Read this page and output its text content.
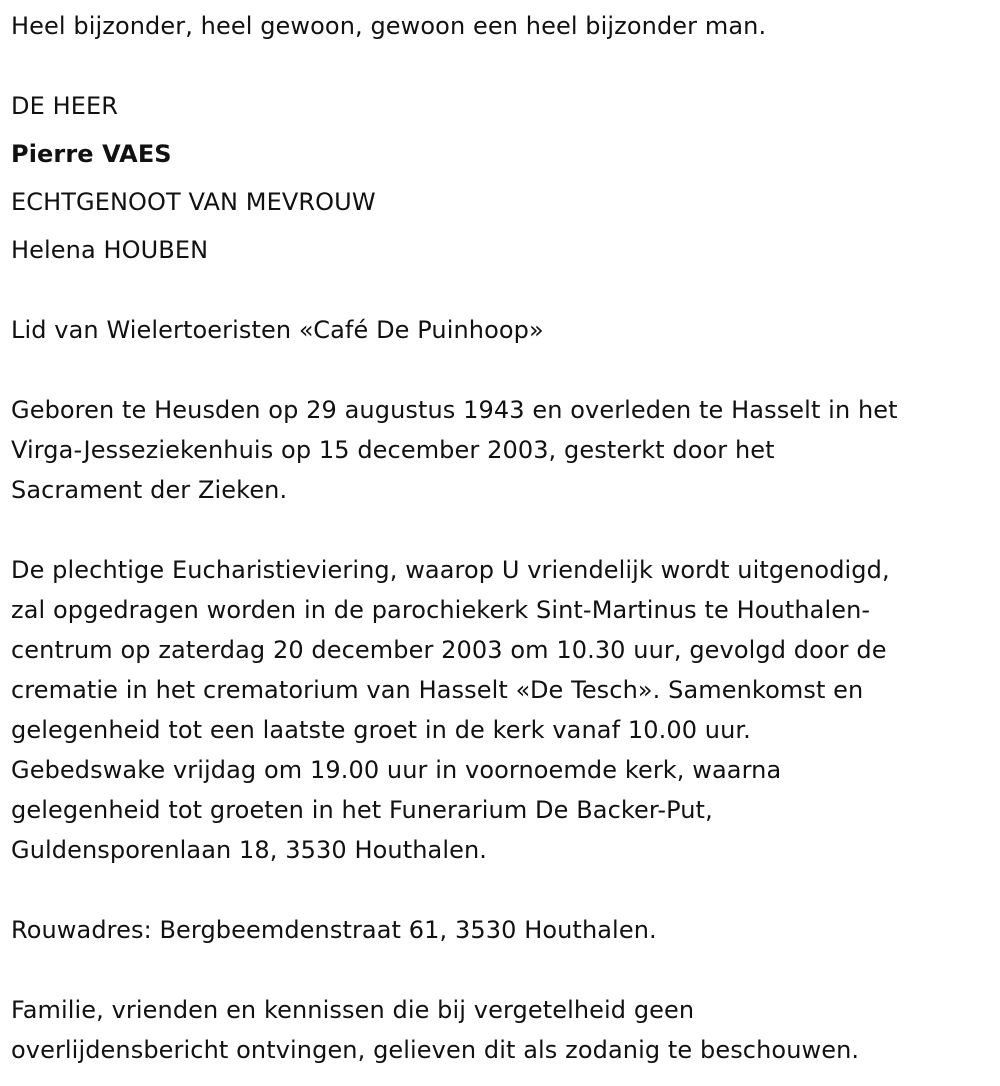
Heel bijzonder, heel gewoon, gewoon een heel bijzonder man.
DE HEER
Pierre VAES
ECHTGENOOT VAN MEVROUW
Helena HOUBEN
Lid van Wielertoeristen «Café De Puinhoop»
Geboren te Heusden op 29 augustus 1943 en overleden te Hasselt in het
Virga-Jesseziekenhuis op 15 december 2003, gesterkt door het
Sacrament der Zieken.
De plechtige Eucharistieviering, waarop U vriendelijk wordt uitgenodigd,
zal opgedragen worden in de parochiekerk Sint-Martinus te Houthalen-
centrum op zaterdag 20 december 2003 om 10.30 uur, gevolgd door de
crematie in het crematorium van Hasselt «De Tesch». Samenkomst en
gelegenheid tot een laatste groet in de kerk vanaf 10.00 uur.
Gebedswake vrijdag om 19.00 uur in voornoemde kerk, waarna
gelegenheid tot groeten in het Funerarium De Backer-Put,
Guldensporenlaan 18, 3530 Houthalen.
Rouwadres: Bergbeemdenstraat 61, 3530 Houthalen.
Familie, vrienden en kennissen die bij vergetelheid geen
overlijdensbericht ontvingen, gelieven dit als zodanig te beschouwen.
